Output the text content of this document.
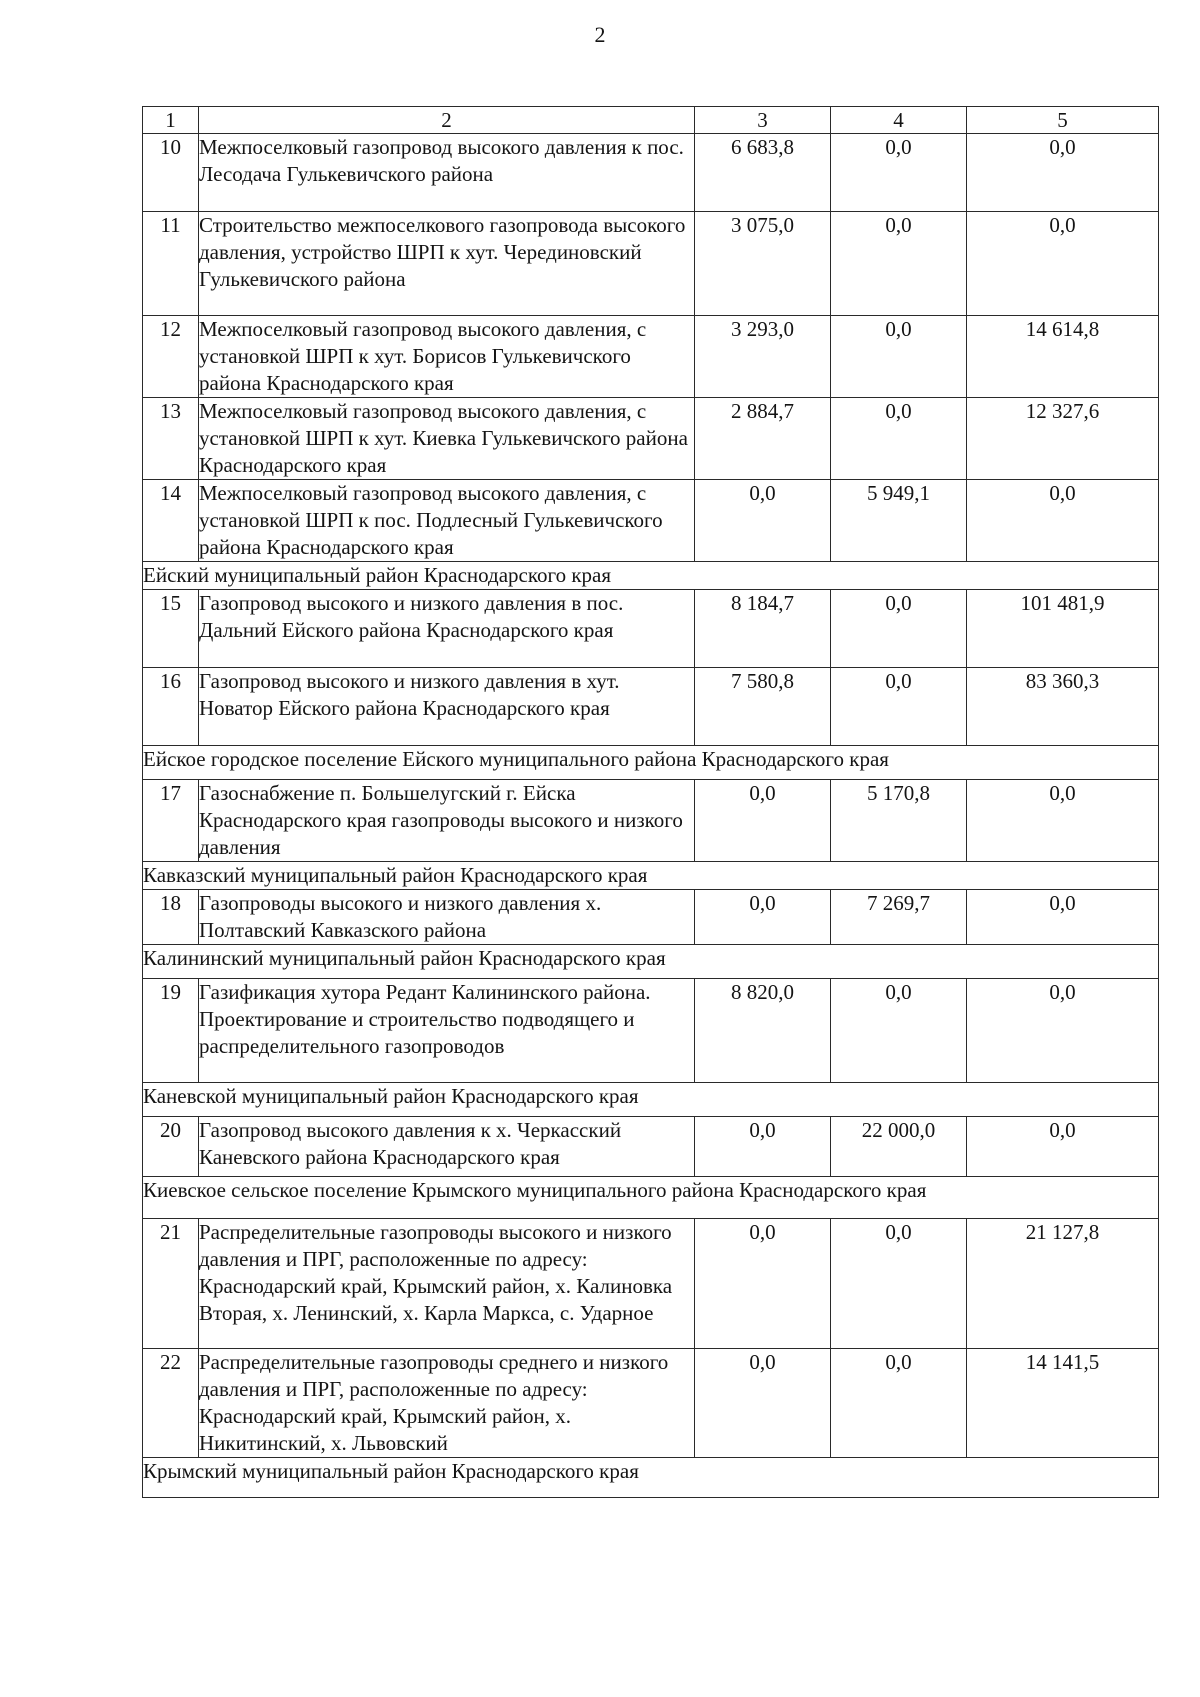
2
1	2	3	4	5
10	Межпоселковый газопровод высокого давления к пос. Лесодача Гулькевичского района	6 683,8	0,0	0,0
11	Строительство межпоселкового газопровода высокого давления, устройство ШРП к хут. Черединовский Гулькевичского района	3 075,0	0,0	0,0
12	Межпоселковый газопровод высокого давления, с установкой ШРП к хут. Борисов Гулькевичского района Краснодарского края	3 293,0	0,0	14 614,8
13	Межпоселковый газопровод высокого давления, с установкой ШРП к хут. Киевка Гулькевичского района Краснодарского края	2 884,7	0,0	12 327,6
14	Межпоселковый газопровод высокого давления, с установкой ШРП к пос. Подлесный Гулькевичского района Краснодарского края	0,0	5 949,1	0,0
Ейский муниципальный район Краснодарского края				
15	Газопровод высокого и низкого давления в пос. Дальний Ейского района Краснодарского края	8 184,7	0,0	101 481,9
16	Газопровод высокого и низкого давления в хут. Новатор Ейского района Краснодарского края	7 580,8	0,0	83 360,3
Ейское городское поселение Ейского муниципального района Краснодарского края				
17	Газоснабжение п. Большелугский г. Ейска Краснодарского края газопроводы высокого и низкого давления	0,0	5 170,8	0,0
Кавказский муниципальный район Краснодарского края				
18	Газопроводы высокого и низкого давления х. Полтавский Кавказского района	0,0	7 269,7	0,0
Калининский муниципальный район Краснодарского края				
19	Газификация хутора Редант Калининского района. Проектирование и строительство подводящего и распределительного газопроводов	8 820,0	0,0	0,0
Каневской муниципальный район Краснодарского края				
20	Газопровод высокого давления к х. Черкасский Каневского района Краснодарского края	0,0	22 000,0	0,0
Киевское сельское поселение Крымского муниципального района Краснодарского края				
21	Распределительные газопроводы высокого и низкого давления и ПРГ, расположенные по адресу: Краснодарский край, Крымский район, х. Калиновка Вторая, х. Ленинский, х. Карла Маркса, с. Ударное	0,0	0,0	21 127,8
22	Распределительные газопроводы среднего и низкого давления и ПРГ, расположенные по адресу: Краснодарский край, Крымский район, х. Никитинский, х. Львовский	0,0	0,0	14 141,5
Крымский муниципальный район Краснодарского края				
